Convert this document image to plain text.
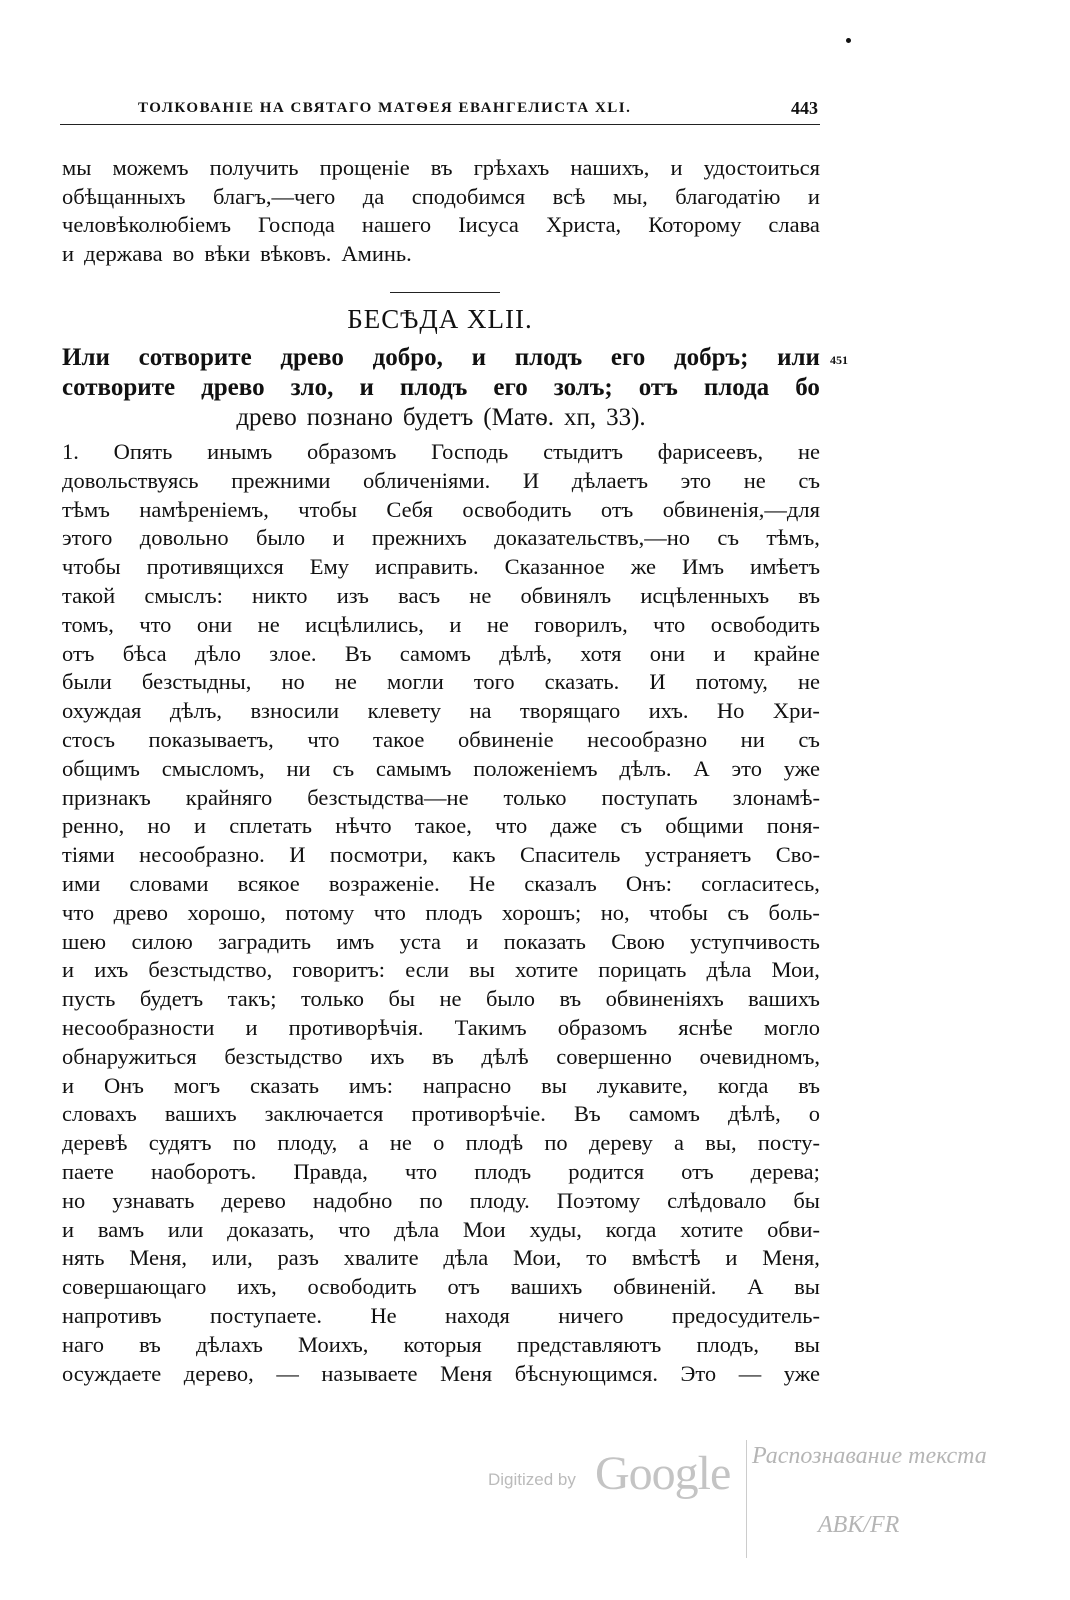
ТОЛКОВАНІЕ НА СВЯТАГО МАТѲЕЯ ЕВАНГЕЛИСТА XLI.	443
мы можемъ получить прощеніе въ грѣхахъ нашихъ, и удостоиться
обѣщанныхъ благъ,—чего да сподобимся всѣ мы, благодатію и
человѣколюбіемъ Господа нашего Іисуса Христа, Которому слава
и держава во вѣки вѣковъ. Аминь.
БЕСѢДА XLII.
Или сотворите древо добро, и плодъ его добръ; или
сотворите древо зло, и плодъ его золъ; отъ плода бо
древо познано будетъ (Матѳ. хп, 33).
451
1. Опять инымъ образомъ Господь стыдитъ фарисеевъ, не
довольствуясь прежними обличеніями. И дѣлаетъ это не съ
тѣмъ намѣреніемъ, чтобы Себя освободить отъ обвиненія,—для
этого довольно было и прежнихъ доказательствъ,—но съ тѣмъ,
чтобы противящихся Ему исправить. Сказанное же Имъ имѣетъ
такой смыслъ: никто изъ васъ не обвинялъ исцѣленныхъ въ
томъ, что они не исцѣлились, и не говорилъ, что освободить
отъ бѣса дѣло злое. Въ самомъ дѣлѣ, хотя они и крайне
были безстыдны, но не могли того сказать. И потому, не
охуждая дѣлъ, взносили клевету на творящаго ихъ. Но Хри-
стосъ показываетъ, что такое обвиненіе несообразно ни съ
общимъ смысломъ, ни съ самымъ положеніемъ дѣлъ. А это уже
признакъ крайняго безстыдства—не только поступать злонамѣ-
ренно, но и сплетать нѣчто такое, что даже съ общими поня-
тіями несообразно. И посмотри, какъ Спаситель устраняетъ Сво-
ими словами всякое возраженіе. Не сказалъ Онъ: согласитесь,
что древо хорошо, потому что плодъ хорошъ; но, чтобы съ боль-
шею силою заградить имъ уста и показать Свою уступчивость
и ихъ безстыдство, говоритъ: если вы хотите порицать дѣла Мои,
пусть будетъ такъ; только бы не было въ обвиненіяхъ вашихъ
несообразности и противорѣчія. Такимъ образомъ яснѣе могло
обнаружиться безстыдство ихъ въ дѣлѣ совершенно очевидномъ,
и Онъ могъ сказать имъ: напрасно вы лукавите, когда въ
словахъ вашихъ заключается противорѣчіе. Въ самомъ дѣлѣ, о
деревѣ судятъ по плоду, а не о плодѣ по дереву а вы, посту-
паете наоборотъ. Правда, что плодъ родится отъ дерева;
но узнавать дерево надобно по плоду. Поэтому слѣдовало бы
и вамъ или доказать, что дѣла Мои худы, когда хотите обви-
нять Меня, или, разъ хвалите дѣла Мои, то вмѣстѣ и Меня,
совершающаго ихъ, освободить отъ вашихъ обвиненій. А вы
напротивъ поступаете. Не находя ничего предосудитель-
наго въ дѣлахъ Моихъ, которыя представляютъ плодъ, вы
осуждаете дерево, — называете Меня бѣснующимся. Это — уже
Digitized by Google Распознавание текста
ABK/FR
